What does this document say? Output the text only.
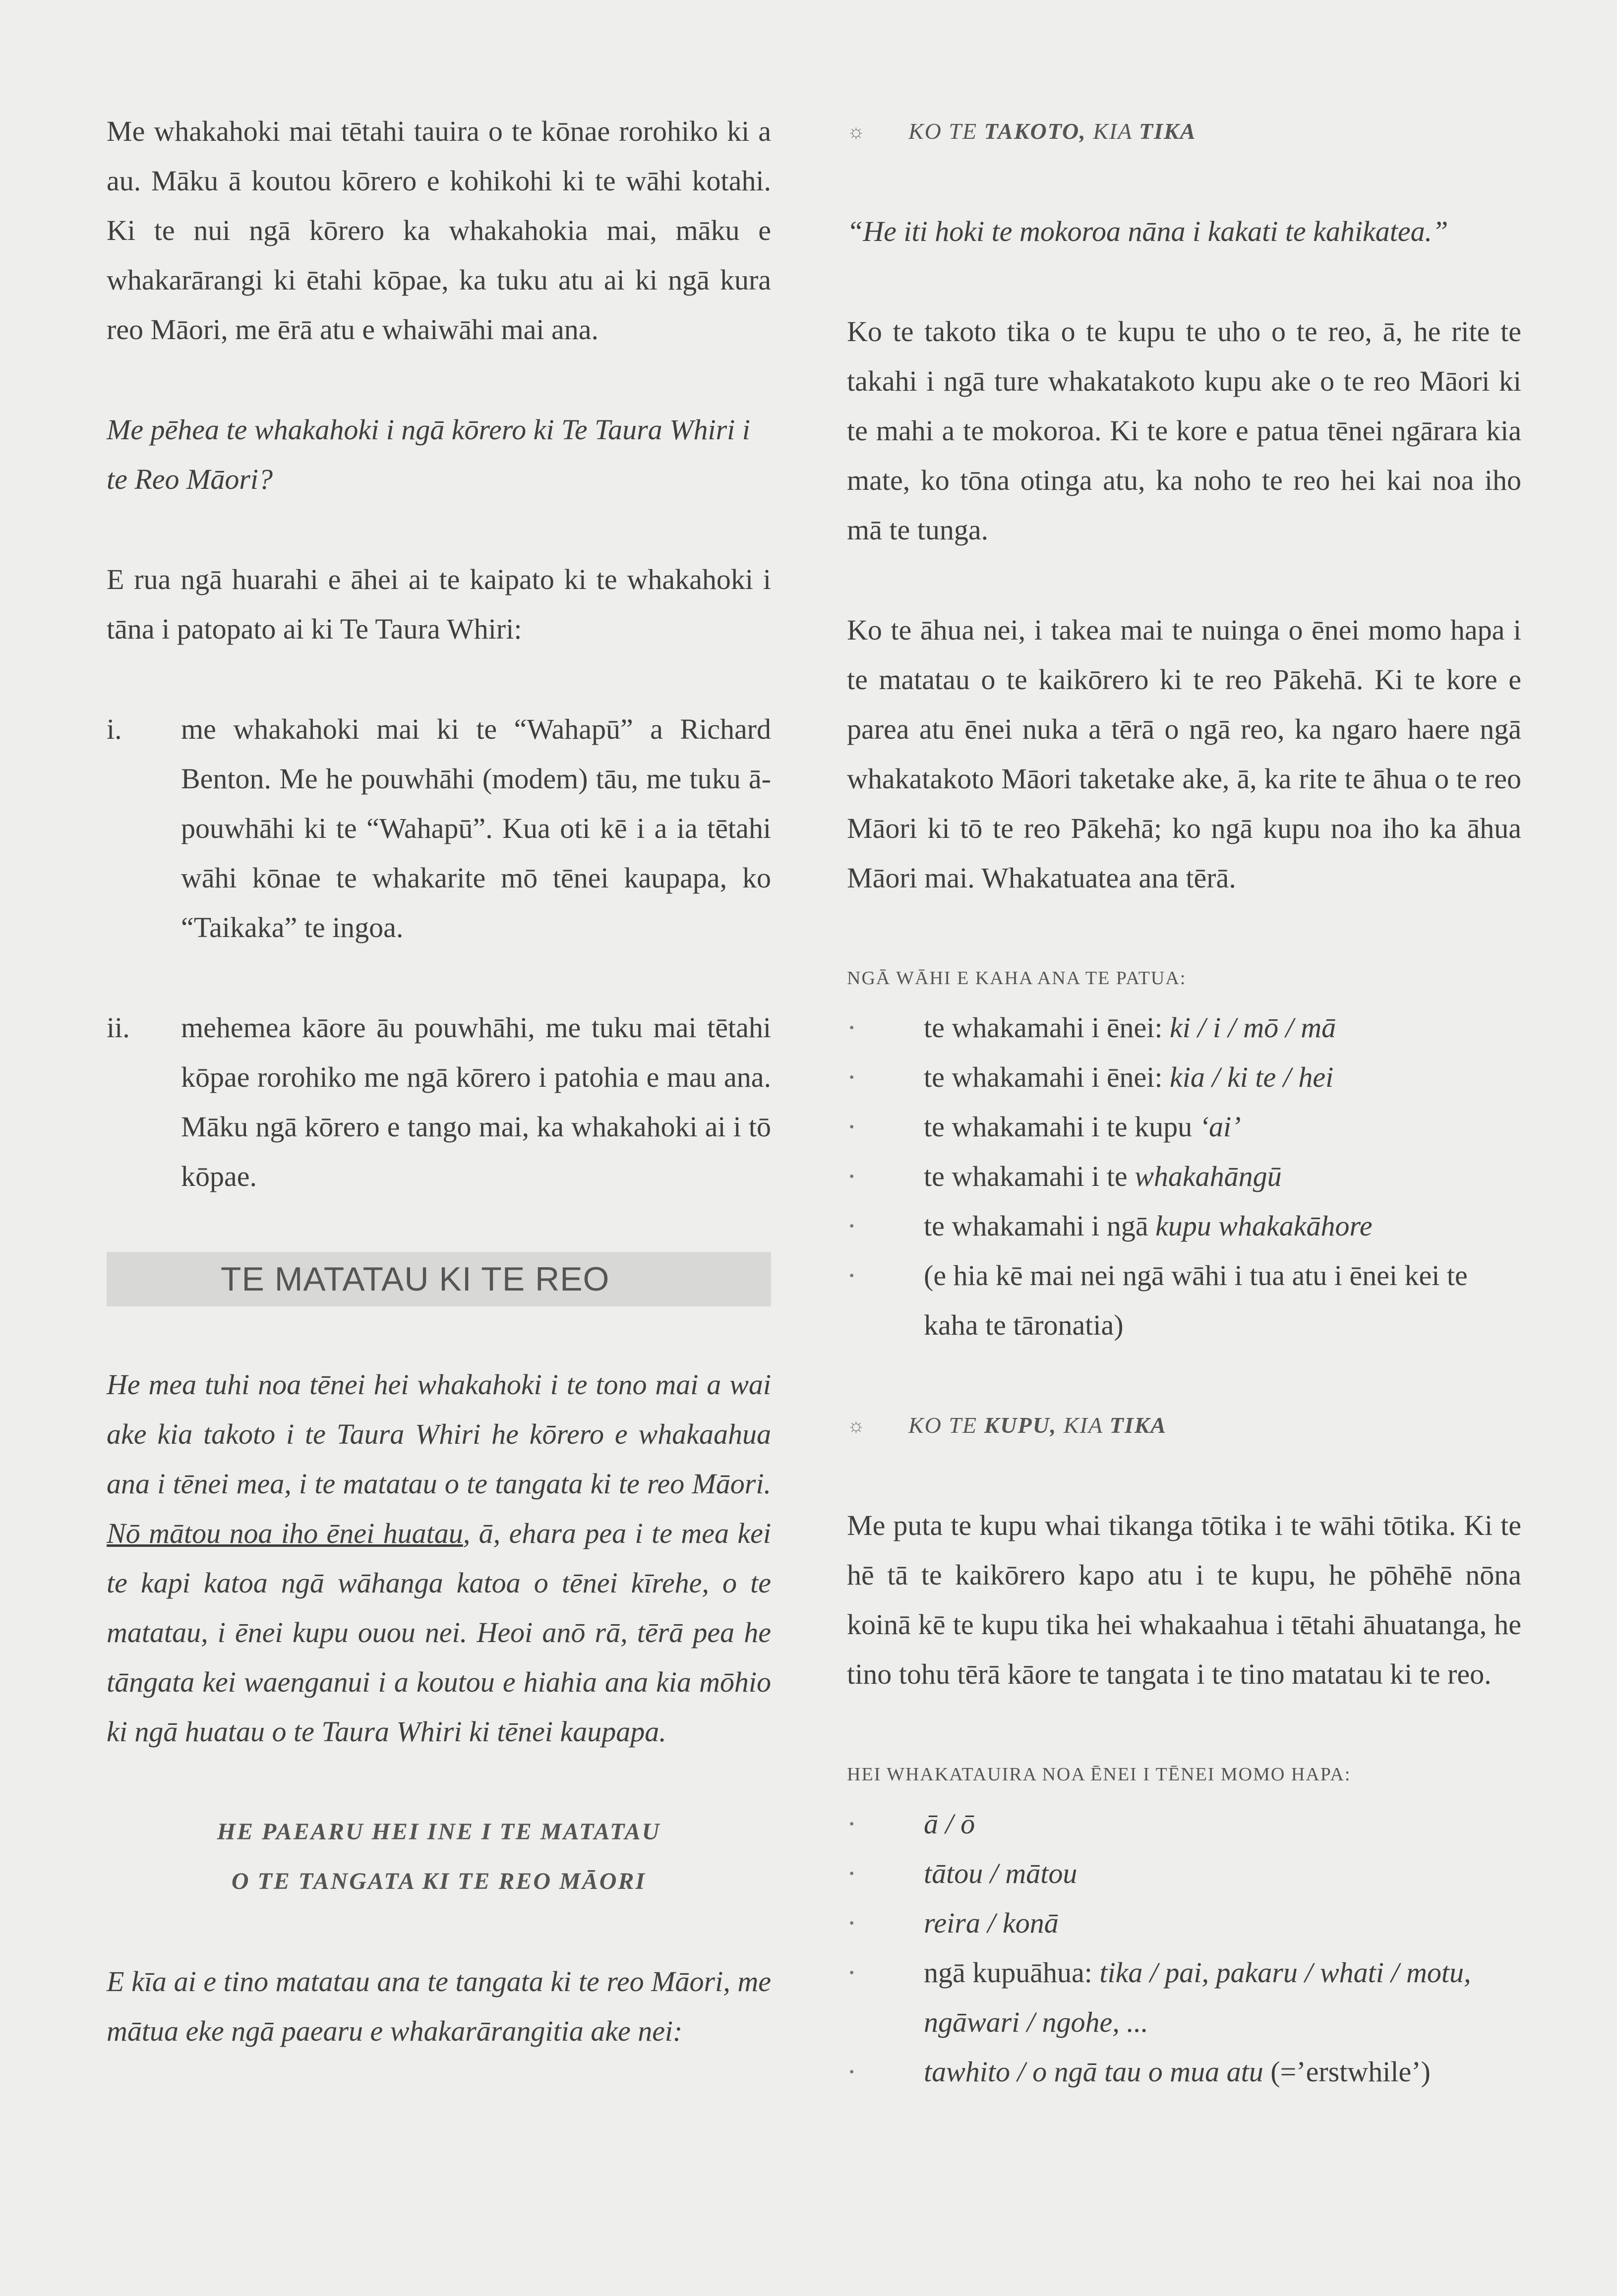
Me whakahoki mai tētahi tauira o te kōnae rorohiko ki a au. Māku ā koutou kōrero e kohikohi ki te wāhi kotahi. Ki te nui ngā kōrero ka whakahokia mai, māku e whakarārangi ki ētahi kōpae, ka tuku atu ai ki ngā kura reo Māori, me ērā atu e whaiwāhi mai ana.

Me pēhea te whakahoki i ngā kōrero ki Te Taura Whiri i te Reo Māori?

E rua ngā huarahi e āhei ai te kaipato ki te whakahoki i tāna i patopato ai ki Te Taura Whiri:

i.	me whakahoki mai ki te “Wahapū” a Richard Benton. Me he pouwhāhi (modem) tāu, me tuku ā-pouwhāhi ki te “Wahapū”. Kua oti kē i a ia tētahi wāhi kōnae te whakarite mō tēnei kaupapa, ko “Taikaka” te ingoa.
ii.	mehemea kāore āu pouwhāhi, me tuku mai tētahi kōpae rorohiko me ngā kōrero i patohia e mau ana. Māku ngā kōrero e tango mai, ka whakahoki ai i tō kōpae.
TE MATATAU KI TE REO

He mea tuhi noa tēnei hei whakahoki i te tono mai a wai ake kia takoto i te Taura Whiri he kōrero e whakaahua ana i tēnei mea, i te matatau o te tangata ki te reo Māori. Nō mātou noa iho ēnei huatau, ā, ehara pea i te mea kei te kapi katoa ngā wāhanga katoa o tēnei kīrehe, o te matatau, i ēnei kupu ouou nei. Heoi anō rā, tērā pea he tāngata kei waenganui i a koutou e hiahia ana kia mōhio ki ngā huatau o te Taura Whiri ki tēnei kaupapa.

HE PAEARU HEI INE I TE MATATAU
O TE TANGATA KI TE REO MĀORI

E kīa ai e tino matatau ana te tangata ki te reo Māori, me mātua eke ngā paearu e whakarārangitia ake nei:

☼	KO TE TAKOTO, KIA TIKA

“He iti hoki te mokoroa nāna i kakati te kahikatea.”

Ko te takoto tika o te kupu te uho o te reo, ā, he rite te takahi i ngā ture whakatakoto kupu ake o te reo Māori ki te mahi a te mokoroa. Ki te kore e patua tēnei ngārara kia mate, ko tōna otinga atu, ka noho te reo hei kai noa iho mā te tunga.

Ko te āhua nei, i takea mai te nuinga o ēnei momo hapa i te matatau o te kaikōrero ki te reo Pākehā. Ki te kore e parea atu ēnei nuka a tērā o ngā reo, ka ngaro haere ngā whakatakoto Māori taketake ake, ā, ka rite te āhua o te reo Māori ki tō te reo Pākehā; ko ngā kupu noa iho ka āhua Māori mai. Whakatuatea ana tērā.

NGĀ WĀHI E KAHA ANA TE PATUA:
·	te whakamahi i ēnei: ki / i / mō / mā
·	te whakamahi i ēnei: kia / ki te / hei
·	te whakamahi i te kupu ‘ai’
·	te whakamahi i te whakahāngū
·	te whakamahi i ngā kupu whakakāhore
·	(e hia kē mai nei ngā wāhi i tua atu i ēnei kei te kaha te tāronatia)
☼	KO TE KUPU, KIA TIKA

Me puta te kupu whai tikanga tōtika i te wāhi tōtika. Ki te hē tā te kaikōrero kapo atu i te kupu, he pōhēhē nōna koinā kē te kupu tika hei whakaahua i tētahi āhuatanga, he tino tohu tērā kāore te tangata i te tino matatau ki te reo.

HEI WHAKATAUIRA NOA ĒNEI I TĒNEI MOMO HAPA:
·	ā / ō
·	tātou / mātou
·	reira / konā
·	ngā kupuāhua: tika / pai, pakaru / whati / motu, ngāwari / ngohe, ...
·	tawhito / o ngā tau o mua atu (=’erstwhile’)
